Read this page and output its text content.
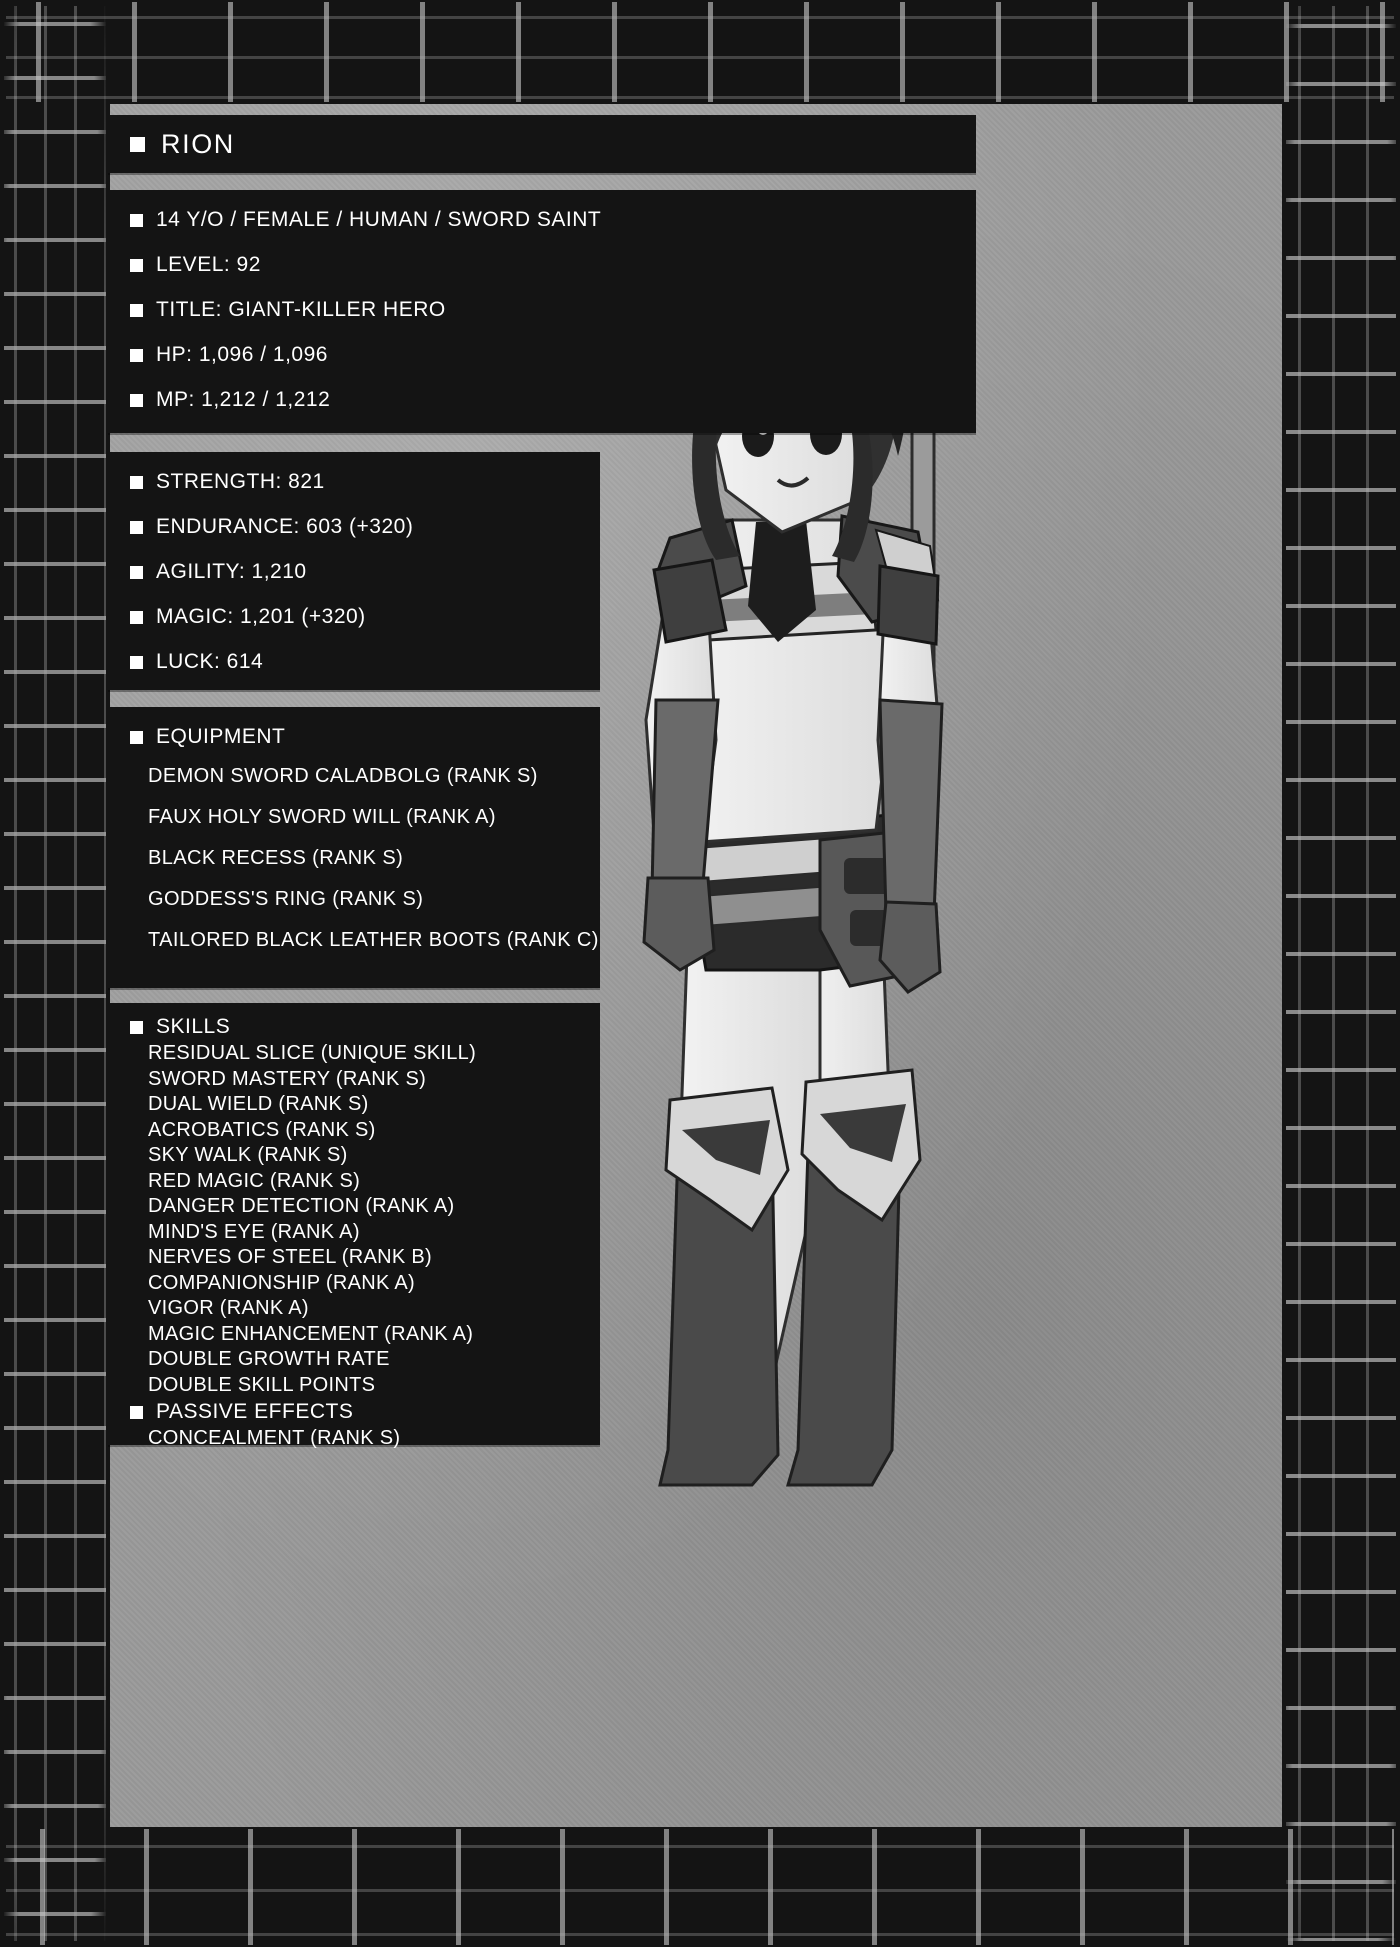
RION
14 Y/O / FEMALE / HUMAN / SWORD SAINT
LEVEL: 92
TITLE: GIANT-KILLER HERO
HP: 1,096 / 1,096
MP: 1,212 / 1,212
STRENGTH: 821
ENDURANCE: 603 (+320)
AGILITY: 1,210
MAGIC: 1,201 (+320)
LUCK: 614
EQUIPMENT
DEMON SWORD CALADBOLG (RANK S)
FAUX HOLY SWORD WILL (RANK A)
BLACK RECESS (RANK S)
GODDESS'S RING (RANK S)
TAILORED BLACK LEATHER BOOTS (RANK C)
SKILLS
RESIDUAL SLICE (UNIQUE SKILL)
SWORD MASTERY (RANK S)
DUAL WIELD (RANK S)
ACROBATICS (RANK S)
SKY WALK (RANK S)
RED MAGIC (RANK S)
DANGER DETECTION (RANK A)
MIND'S EYE (RANK A)
NERVES OF STEEL (RANK B)
COMPANIONSHIP (RANK A)
VIGOR (RANK A)
MAGIC ENHANCEMENT (RANK A)
DOUBLE GROWTH RATE
DOUBLE SKILL POINTS
PASSIVE EFFECTS
CONCEALMENT (RANK S)
